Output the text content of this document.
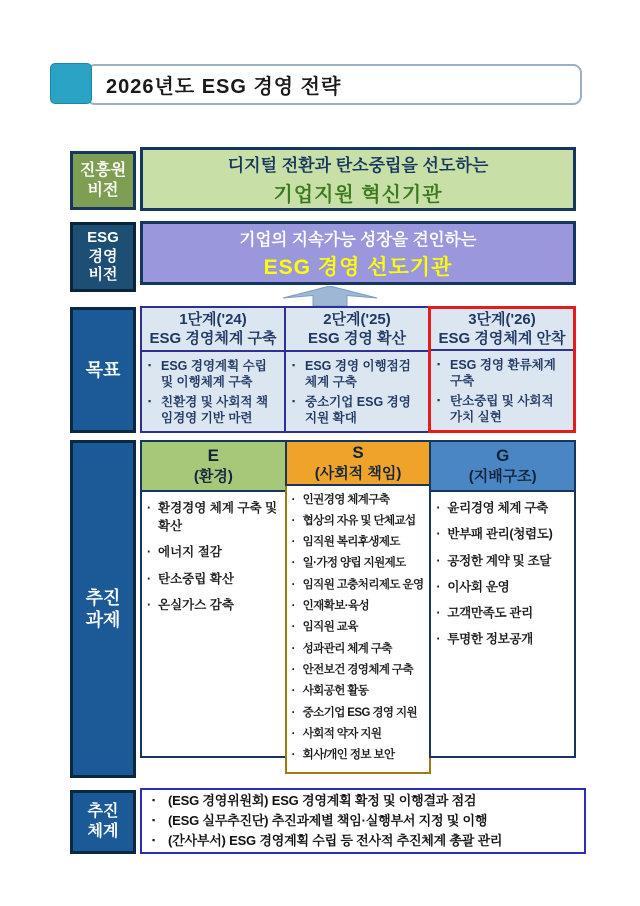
2026년도 ESG 경영 전략
진흥원
비전
디지털 전환과 탄소중립을 선도하는
기업지원 혁신기관
ESG
경영
비전
기업의 지속가능 성장을 견인하는
ESG 경영 선도기관
목표
1단계('24)
ESG 경영체계 구축
▪ ESG 경영계획 수립 및 이행체계 구축
▪ 친환경 및 사회적 책임경영 기반 마련
2단계('25)
ESG 경영 확산
▪ ESG 경영 이행점검 체계 구축
▪ 중소기업 ESG 경영 지원 확대
3단계('26)
ESG 경영체계 안착
▪ ESG 경영 환류체계 구축
▪ 탄소중립 및 사회적 가치 실현
추진
과제
E
(환경)
· 환경경영 체계 구축 및 확산
· 에너지 절감
· 탄소중립 확산
· 온실가스 감축
S
(사회적 책임)
· 인권경영 체계구축
· 협상의 자유 및 단체교섭
· 임직원 복리후생제도
· 일·가정 양립 지원제도
· 임직원 고충처리제도 운영
· 인재확보·육성
· 임직원 교육
· 성과관리 체계 구축
· 안전보건 경영체계 구축
· 사회공헌 활동
· 중소기업 ESG 경영 지원
· 사회적 약자 지원
· 회사/개인 정보 보안
G
(지배구조)
· 윤리경영 체계 구축
· 반부패 관리(청렴도)
· 공정한 계약 및 조달
· 이사회 운영
· 고객만족도 관리
· 투명한 정보공개
추진
체계
▪	(ESG 경영위원회) ESG 경영계획 확정 및 이행결과 점검
▪	(ESG 실무추진단) 추진과제별 책임·실행부서 지정 및 이행
▪	(간사부서) ESG 경영계획 수립 등 전사적 추진체계 총괄 관리
